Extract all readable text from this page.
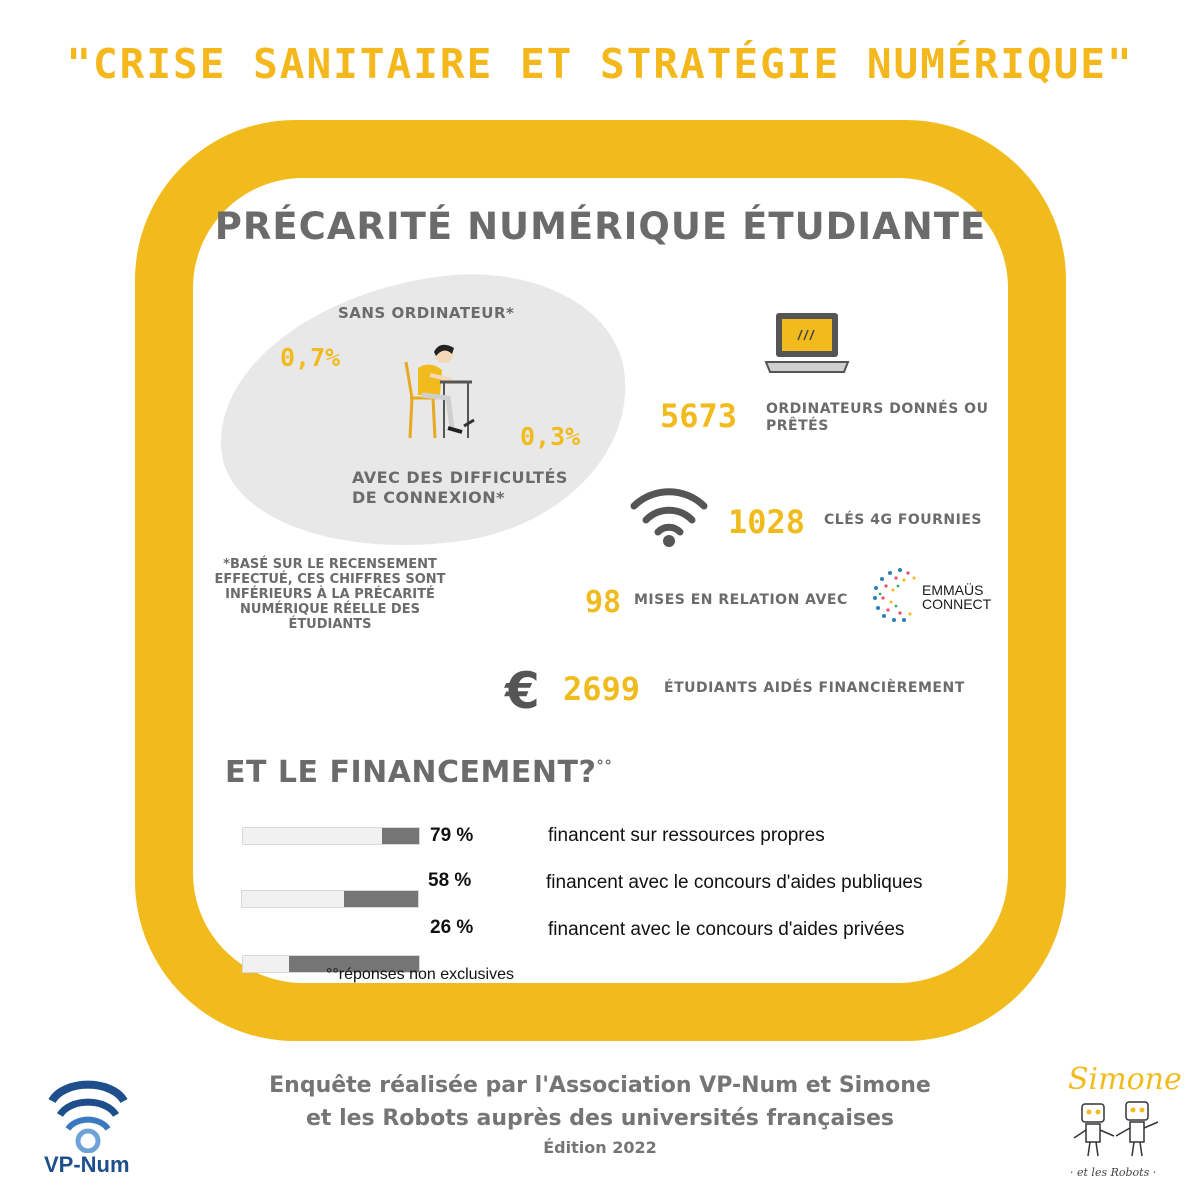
"CRISE SANITAIRE ET STRATÉGIE NUMÉRIQUE"
PRÉCARITÉ NUMÉRIQUE ÉTUDIANTE
SANS ORDINATEUR*
0,7%
0,3%
AVEC DES DIFFICULTÉS
DE CONNEXION*
*BASÉ SUR LE RECENSEMENT
EFFECTUÉ, CES CHIFFRES SONT
INFÉRIEURS À LA PRÉCARITÉ
NUMÉRIQUE RÉELLE DES
ÉTUDIANTS
5673 ORDINATEURS DONNÉS OU
PRÊTÉS
1028 CLÉS 4G FOURNIES
98 MISES EN RELATION AVEC
EMMAÜS
CONNECT
€ 2699 ÉTUDIANTS AIDÉS FINANCIÈREMENT
ET LE FINANCEMENT?°°
79 %	financent sur ressources propres
58 %	financent avec le concours d'aides publiques
26 %	financent avec le concours d'aides privées
°°réponses non exclusives
Enquête réalisée par l'Association VP-Num et Simone
et les Robots auprès des universités françaises
Édition 2022
VP-Num
Simone
· et les Robots ·
